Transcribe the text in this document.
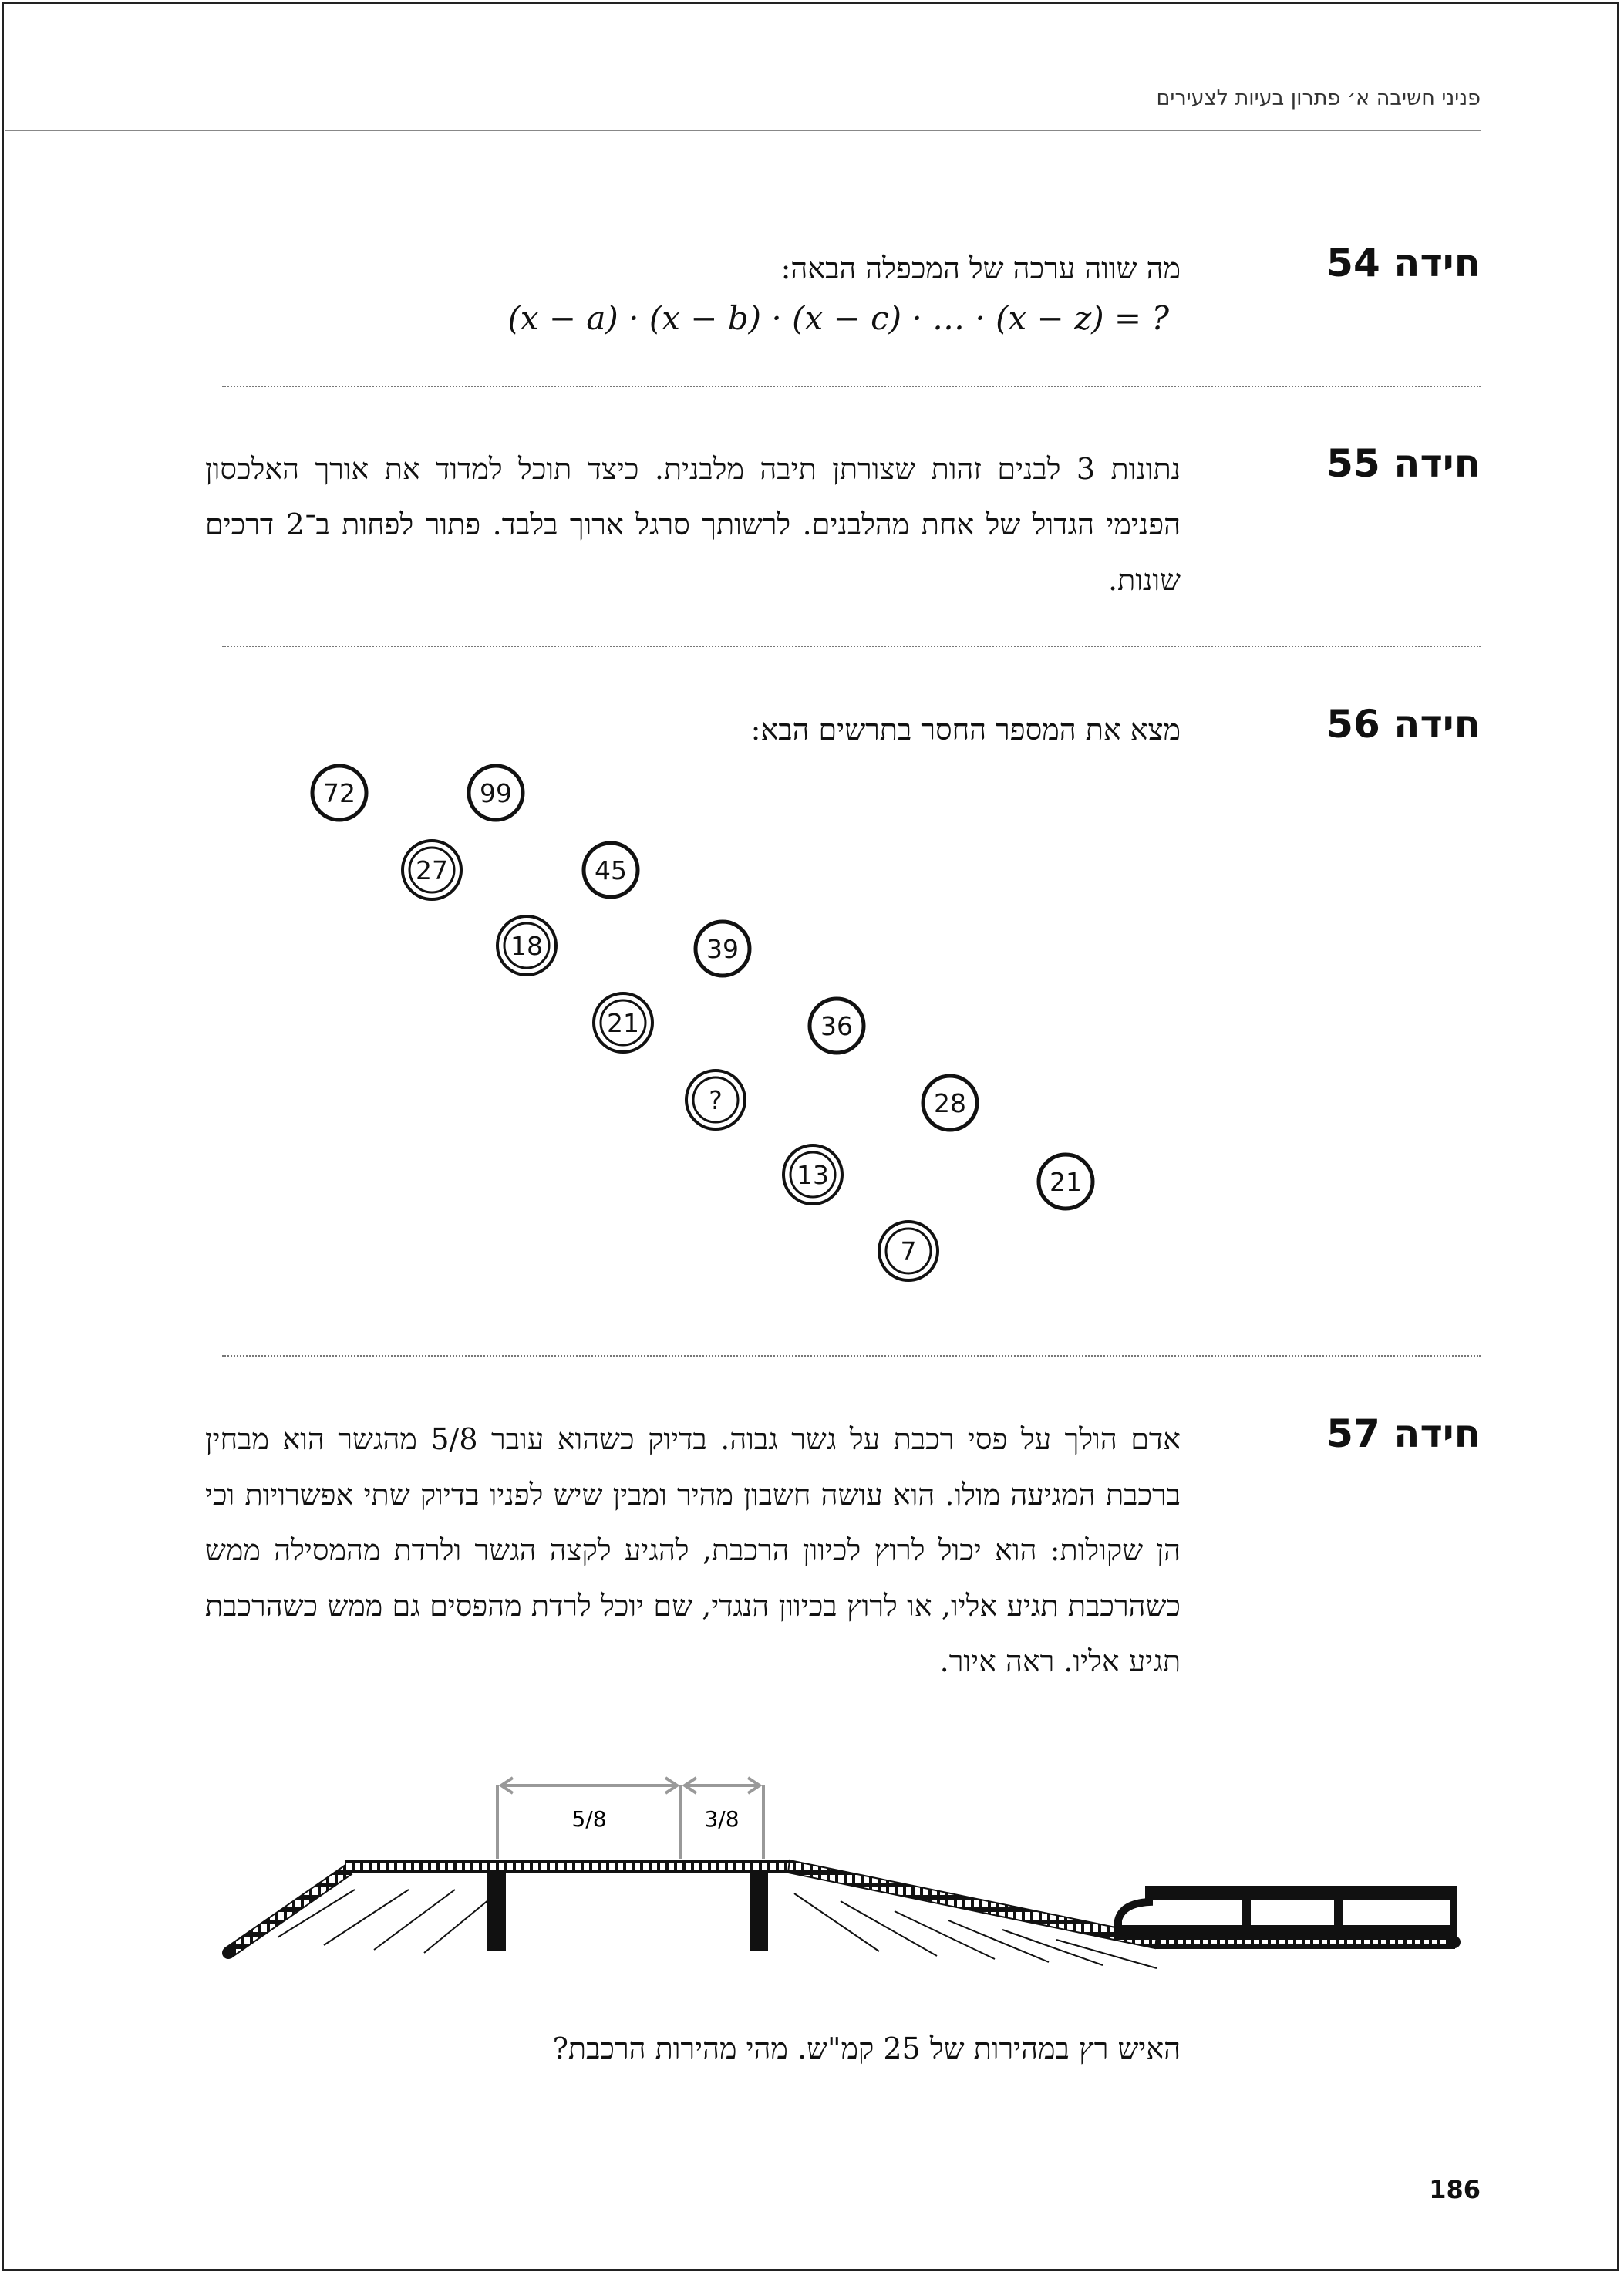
פניני חשיבה א׳ פתרון בעיות לצעירים
חידה 54
מה שווה ערכה של המכפלה הבאה:
(x − a) · (x − b) · (x − c) · … · (x − z) = ?
חידה 55
נתונות 3 לבנים זהות שצורתן תיבה מלבנית. כיצד תוכל למדוד את אורך האלכסון הפנימי הגדול של אחת מהלבנים. לרשותך סרגל ארוך בלבד. פתור לפחות ב־2 דרכים שונות.
חידה 56
מצא את המספר החסר בתרשים הבא:
72	99
27	45
18	39
21	36
?	28
13	21
7
חידה 57
אדם הולך על פסי רכבת על גשר גבוה. בדיוק כשהוא עובר 5/8 מהגשר הוא מבחין ברכבת המגיעה מולו. הוא עושה חשבון מהיר ומבין שיש לפניו בדיוק שתי אפשרויות וכי הן שקולות: הוא יכול לרוץ לכיוון הרכבת, להגיע לקצה הגשר ולרדת מהמסילה ממש כשהרכבת תגיע אליו, או לרוץ בכיוון הנגדי, שם יוכל לרדת מהפסים גם ממש כשהרכבת תגיע אליו. ראה איור.
5/8	3/8
האיש רץ במהירות של 25 קמ"ש. מהי מהירות הרכבת?
186
